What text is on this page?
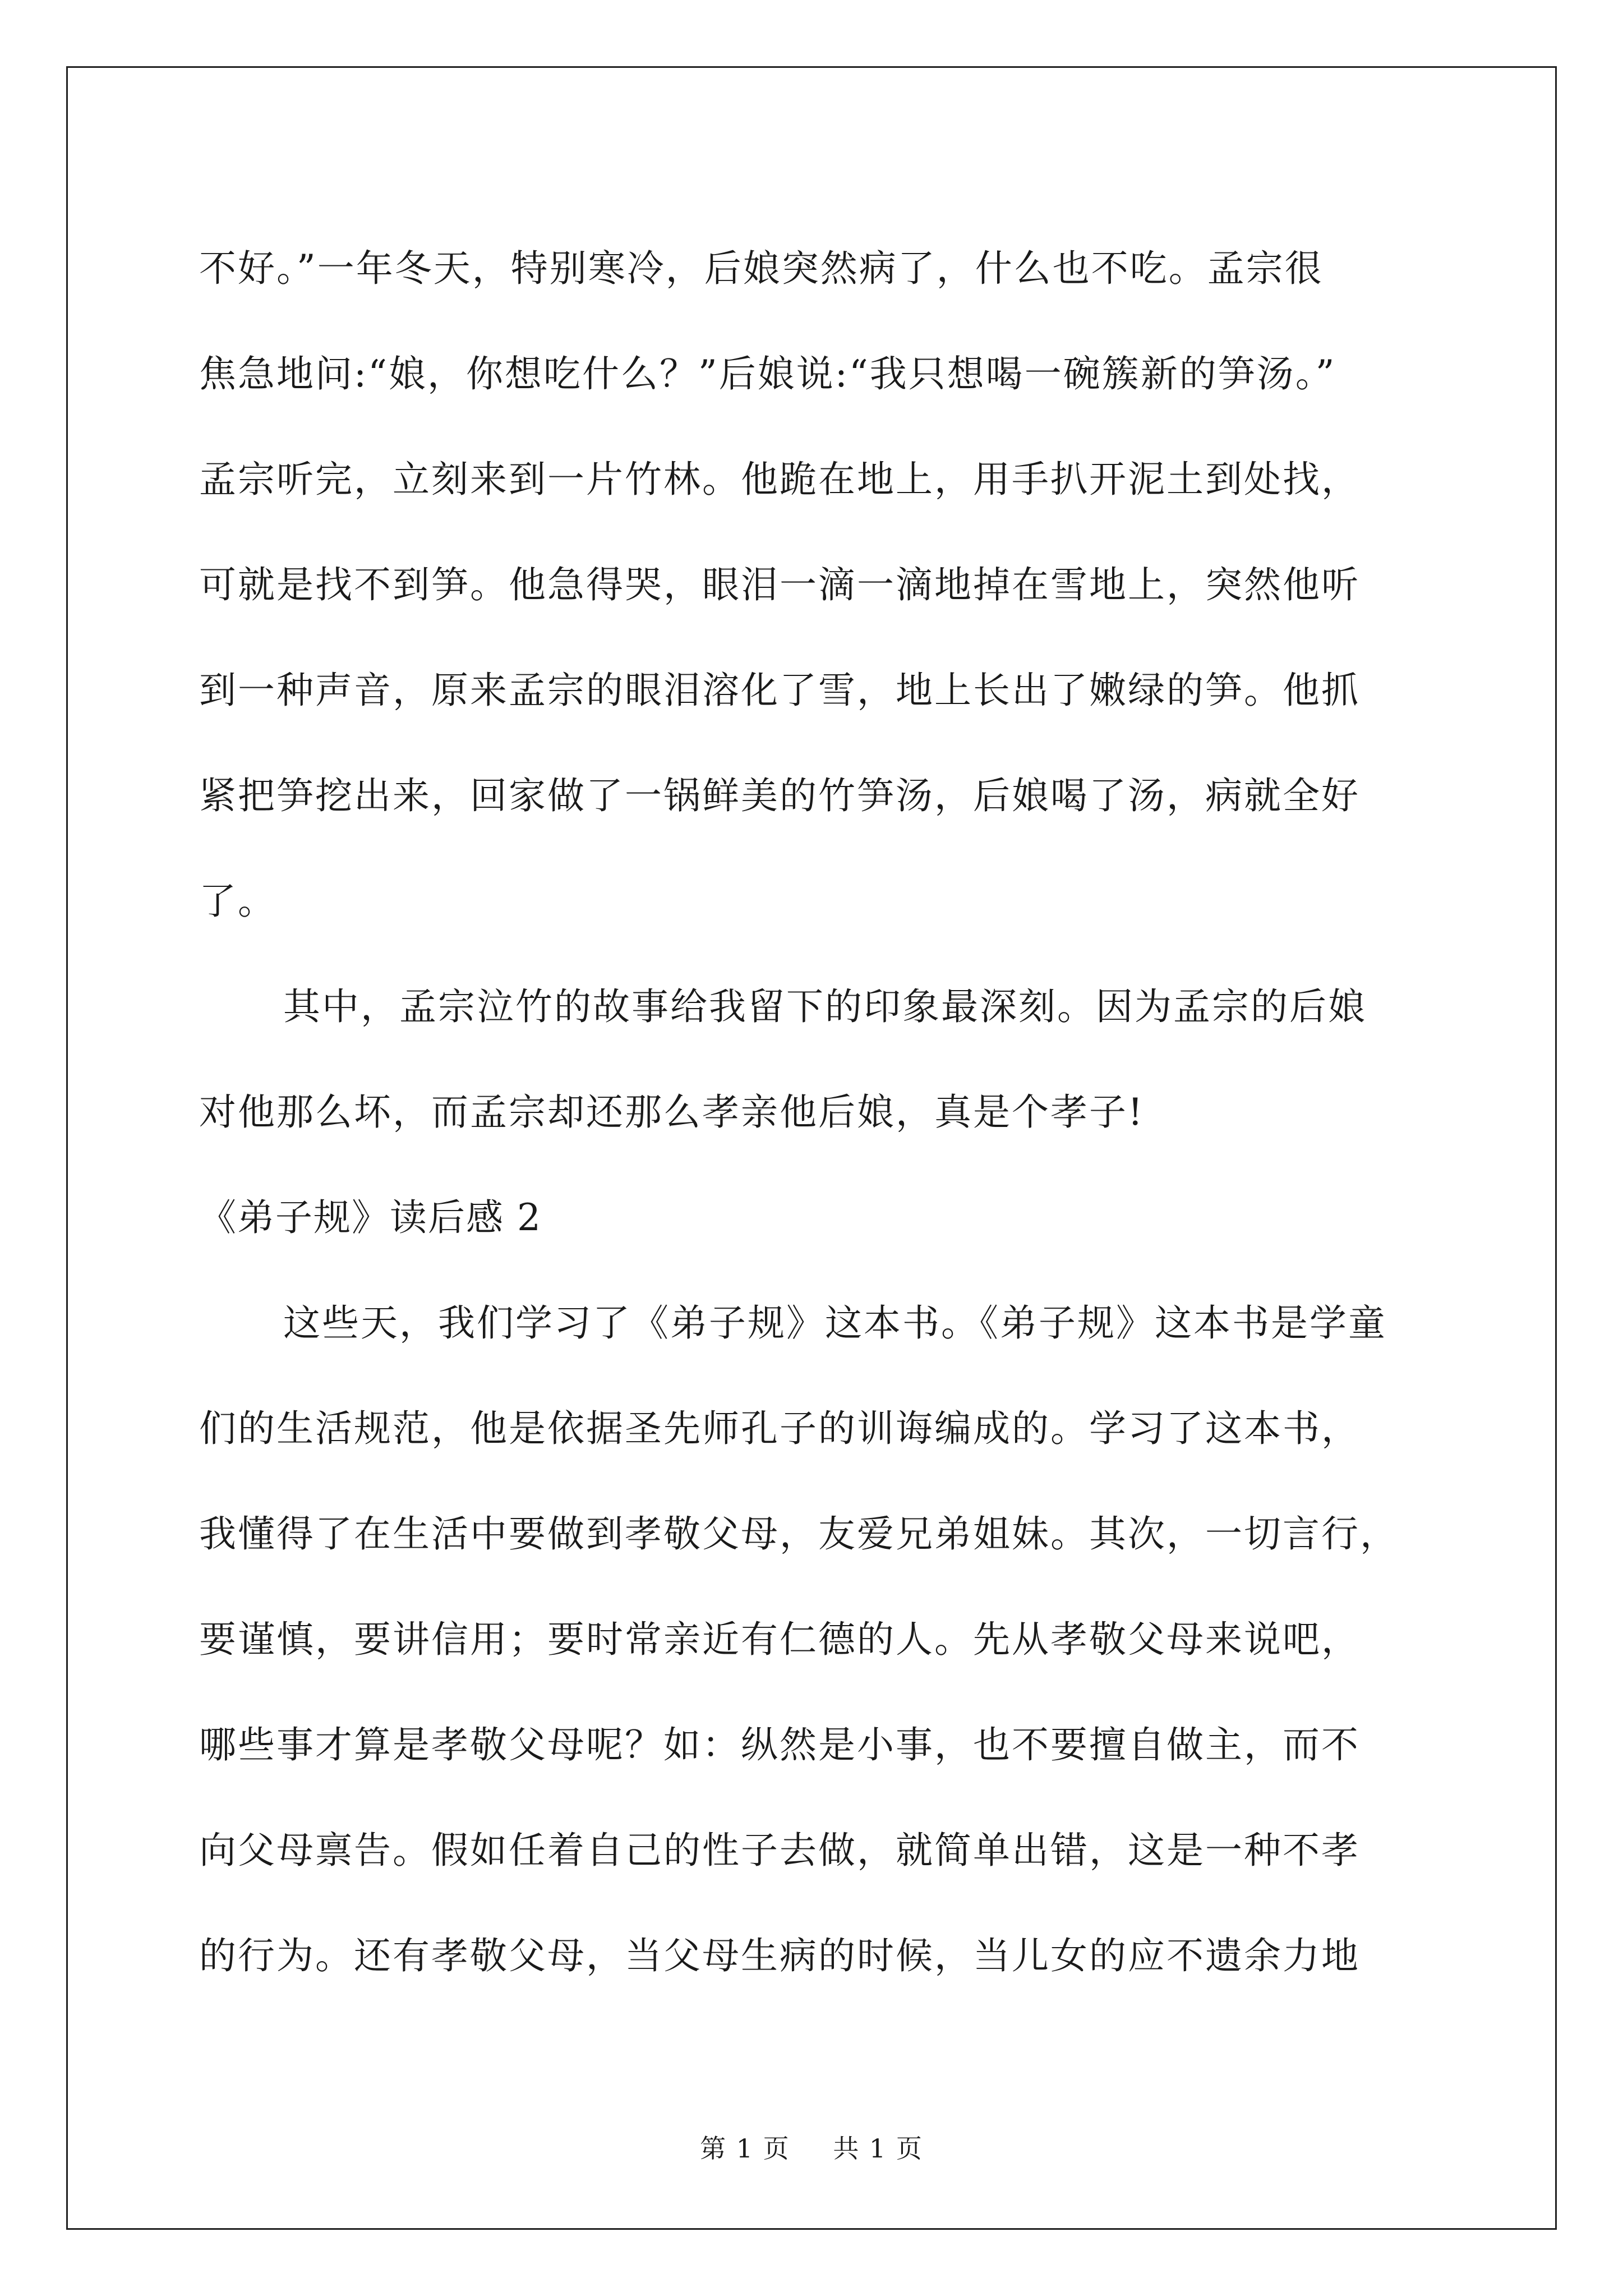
不好。”一年冬天，特别寒冷，后娘突然病了，什么也不吃。孟宗很
焦急地问:“娘，你想吃什么？”后娘说:“我只想喝一碗簇新的笋汤。”
孟宗听完，立刻来到一片竹林。他跪在地上，用手扒开泥土到处找，
可就是找不到笋。他急得哭，眼泪一滴一滴地掉在雪地上，突然他听
到一种声音，原来孟宗的眼泪溶化了雪，地上长出了嫩绿的笋。他抓
紧把笋挖出来，回家做了一锅鲜美的竹笋汤，后娘喝了汤，病就全好
了。
其中，孟宗泣竹的故事给我留下的印象最深刻。因为孟宗的后娘
对他那么坏，而孟宗却还那么孝亲他后娘，真是个孝子!
《弟子规》读后感 2
这些天，我们学习了《弟子规》这本书。《弟子规》这本书是学童
们的生活规范，他是依据圣先师孔子的训诲编成的。学习了这本书，
我懂得了在生活中要做到孝敬父母，友爱兄弟姐妹。其次，一切言行，
要谨慎，要讲信用；要时常亲近有仁德的人。先从孝敬父母来说吧，
哪些事才算是孝敬父母呢？如：纵然是小事，也不要擅自做主，而不
向父母禀告。假如任着自己的性子去做，就简单出错，这是一种不孝
的行为。还有孝敬父母，当父母生病的时候，当儿女的应不遗余力地
第 1 页 共 1 页
